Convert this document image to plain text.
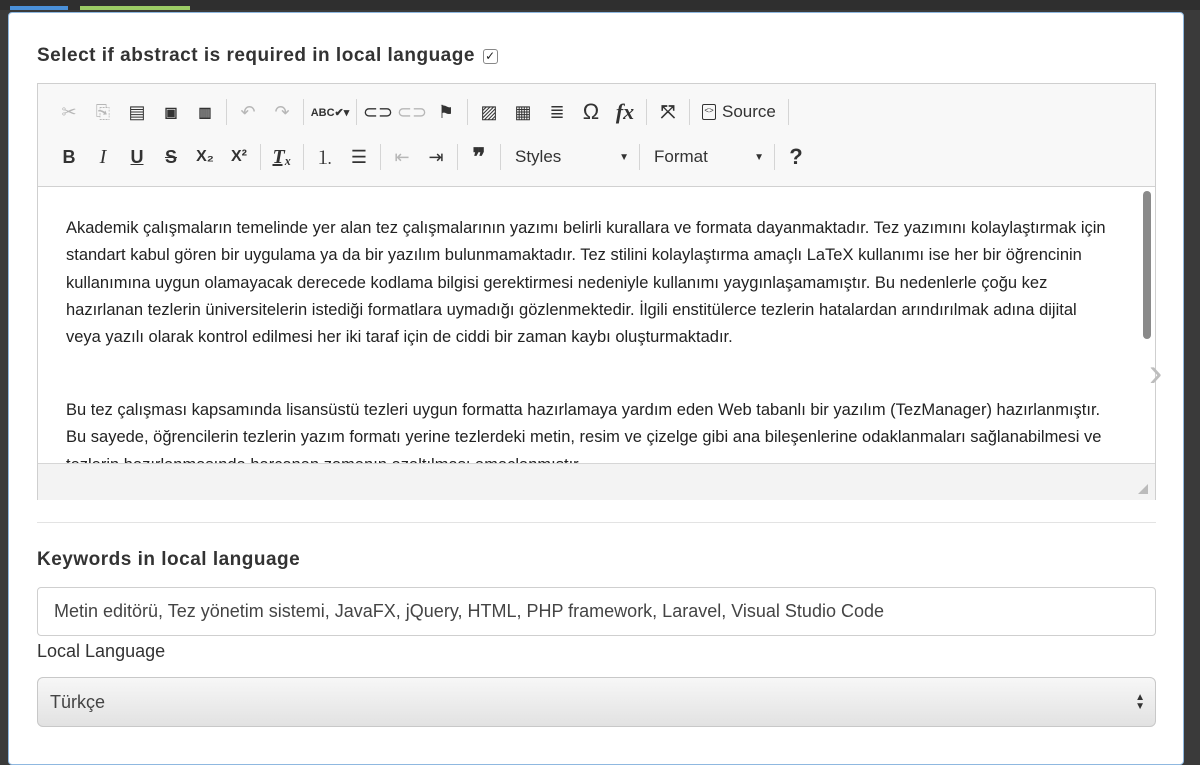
Select if abstract is required in local language ✓
✂	⎘	▤	▣	▥	↶	↷	ABC✔▾ ⊂⊃ ⊂⊃ ⚑	▨ ▦ ≣ Ω fx	⤧	<> Source
B	I	U	S	X₂	X²	Tₓ	⒈ ☰	⇤	⇥	❞	Styles	▼ Format	▼	?

Akademik çalışmaların temelinde yer alan tez çalışmalarının yazımı belirli kurallara ve formata dayanmaktadır. Tez yazımını kolaylaştırmak için standart kabul gören bir uygulama ya da bir yazılım bulunmamaktadır. Tez stilini kolaylaştırma amaçlı LaTeX kullanımı ise her bir öğrencinin kullanımına uygun olamayacak derecede kodlama bilgisi gerektirmesi nedeniyle kullanımı yaygınlaşamamıştır. Bu nedenlerle çoğu kez hazırlanan tezlerin üniversitelerin istediği formatlara uymadığı gözlenmektedir. İlgili enstitülerce tezlerin hatalardan arındırılmak adına dijital veya yazılı olarak kontrol edilmesi her iki taraf için de ciddi bir zaman kaybı oluşturmaktadır.

Bu tez çalışması kapsamında lisansüstü tezleri uygun formatta hazırlamaya yardım eden Web tabanlı bir yazılım (TezManager) hazırlanmıştır. Bu sayede, öğrencilerin tezlerin yazım formatı yerine tezlerdeki metin, resim ve çizelge gibi ana bileşenlerine odaklanmaları sağlanabilmesi ve

›
Keywords in local language
Metin editörü, Tez yönetim sistemi, JavaFX, jQuery, HTML, PHP framework, Laravel, Visual Studio Code
Local Language
Türkçe	▲
▼
